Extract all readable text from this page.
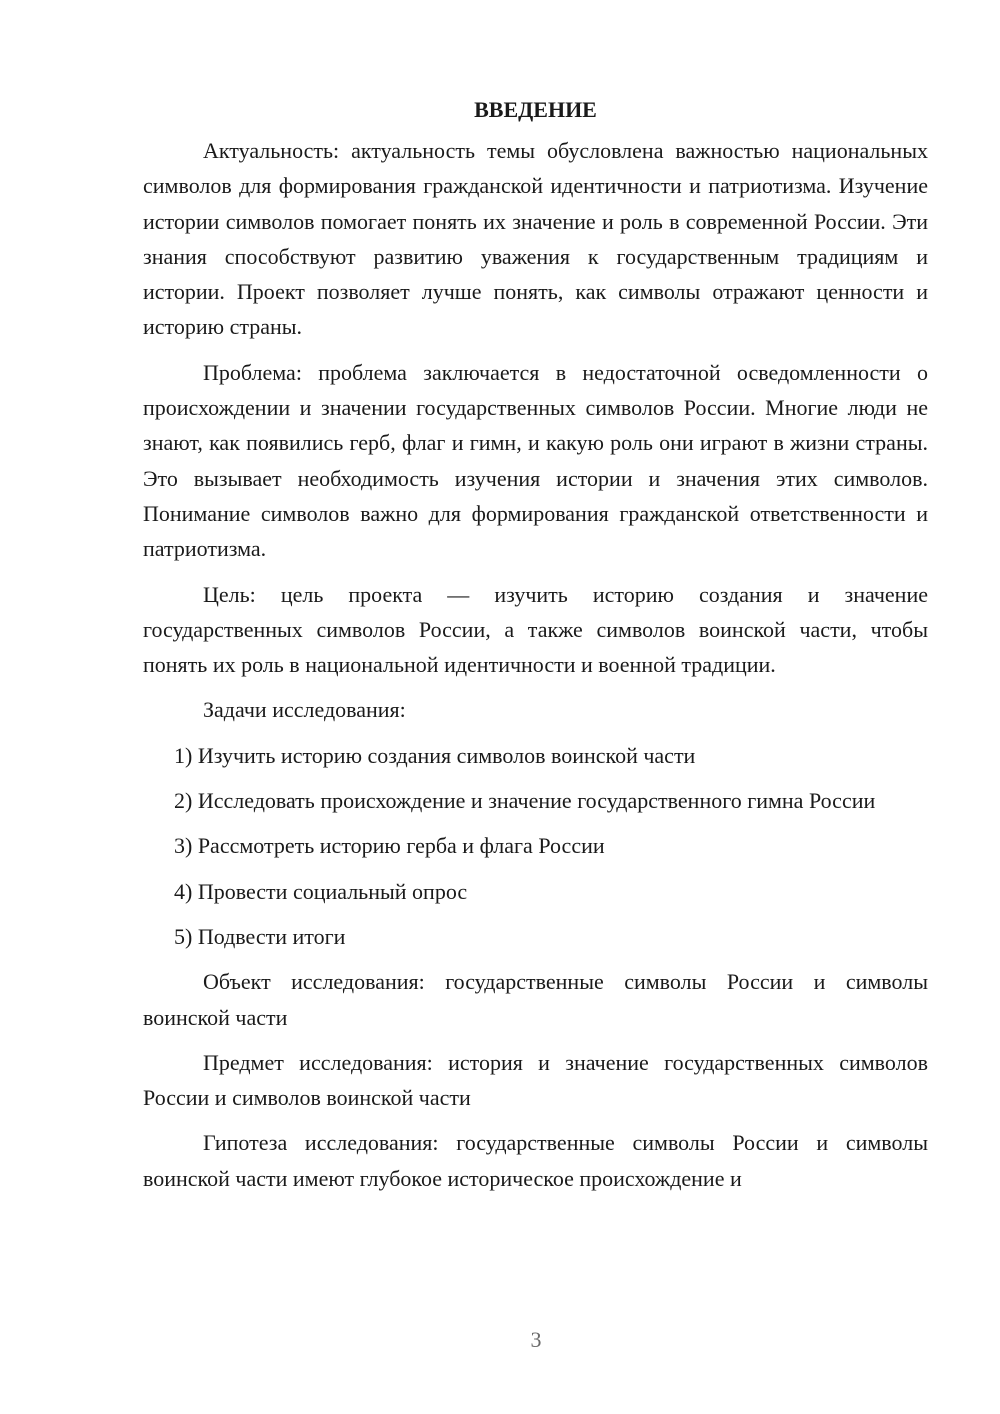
ВВЕДЕНИЕ

Актуальность: актуальность темы обусловлена важностью национальных символов для формирования гражданской идентичности и патриотизма. Изучение истории символов помогает понять их значение и роль в современной России. Эти знания способствуют развитию уважения к государственным традициям и истории. Проект позволяет лучше понять, как символы отражают ценности и историю страны.

Проблема: проблема заключается в недостаточной осведомленности о происхождении и значении государственных символов России. Многие люди не знают, как появились герб, флаг и гимн, и какую роль они играют в жизни страны. Это вызывает необходимость изучения истории и значения этих символов. Понимание символов важно для формирования гражданской ответственности и патриотизма.

Цель: цель проекта — изучить историю создания и значение государственных символов России, а также символов воинской части, чтобы понять их роль в национальной идентичности и военной традиции.

Задачи исследования:

1) Изучить историю создания символов воинской части

2) Исследовать происхождение и значение государственного гимна России

3) Рассмотреть историю герба и флага России

4) Провести социальный опрос

5) Подвести итоги

Объект исследования: государственные символы России и символы воинской части

Предмет исследования: история и значение государственных символов России и символов воинской части

Гипотеза исследования: государственные символы России и символы воинской части имеют глубокое историческое происхождение и

3
